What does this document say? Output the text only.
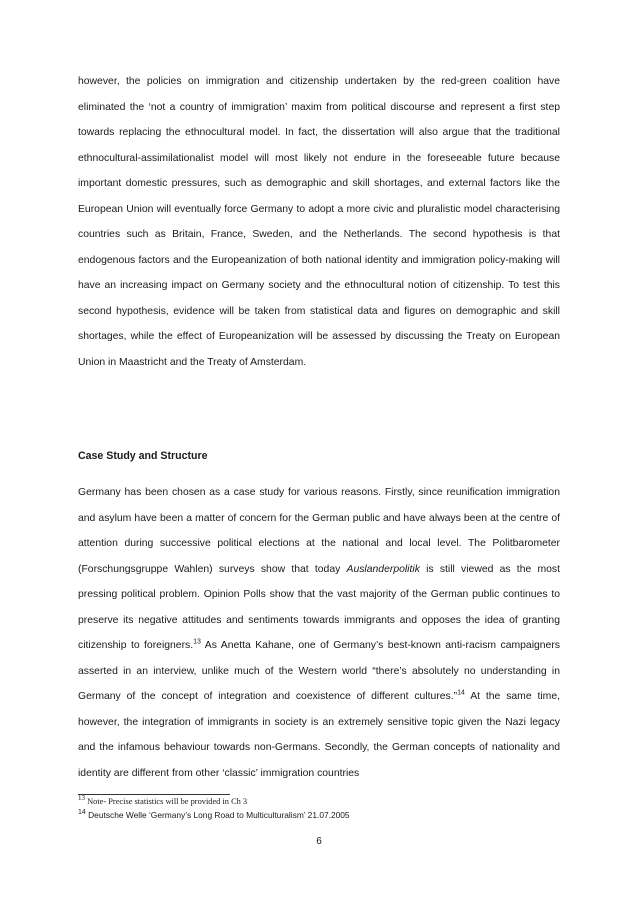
however, the policies on immigration and citizenship undertaken by the red-green coalition have eliminated the ‘not a country of immigration’ maxim from political discourse and represent a first step towards replacing the ethnocultural model. In fact, the dissertation will also argue that the traditional ethnocultural-assimilationalist model will most likely not endure in the foreseeable future because important domestic pressures, such as demographic and skill shortages, and external factors like the European Union will eventually force Germany to adopt a more civic and pluralistic model characterising countries such as Britain, France, Sweden, and the Netherlands. The second hypothesis is that endogenous factors and the Europeanization of both national identity and immigration policy-making will have an increasing impact on Germany society and the ethnocultural notion of citizenship. To test this second hypothesis, evidence will be taken from statistical data and figures on demographic and skill shortages, while the effect of Europeanization will be assessed by discussing the Treaty on European Union in Maastricht and the Treaty of Amsterdam.

Case Study and Structure

Germany has been chosen as a case study for various reasons. Firstly, since reunification immigration and asylum have been a matter of concern for the German public and have always been at the centre of attention during successive political elections at the national and local level. The Politbarometer (Forschungsgruppe Wahlen) surveys show that today Auslanderpolitik is still viewed as the most pressing political problem. Opinion Polls show that the vast majority of the German public continues to preserve its negative attitudes and sentiments towards immigrants and opposes the idea of granting citizenship to foreigners.$^{13}$ As Anetta Kahane, one of Germany’s best-known anti-racism campaigners asserted in an interview, unlike much of the Western world “there’s absolutely no understanding in Germany of the concept of integration and coexistence of different cultures.”$^{14}$ At the same time, however, the integration of immigrants in society is an extremely sensitive topic given the Nazi legacy and the infamous behaviour towards non-Germans. Secondly, the German concepts of nationality and identity are different from other ‘classic’ immigration countries

$^{13}$ Note- Precise statistics will be provided in Ch 3

$^{14}$ Deutsche Welle ‘Germany’s Long Road to Multiculturalism’ 21.07.2005

6
